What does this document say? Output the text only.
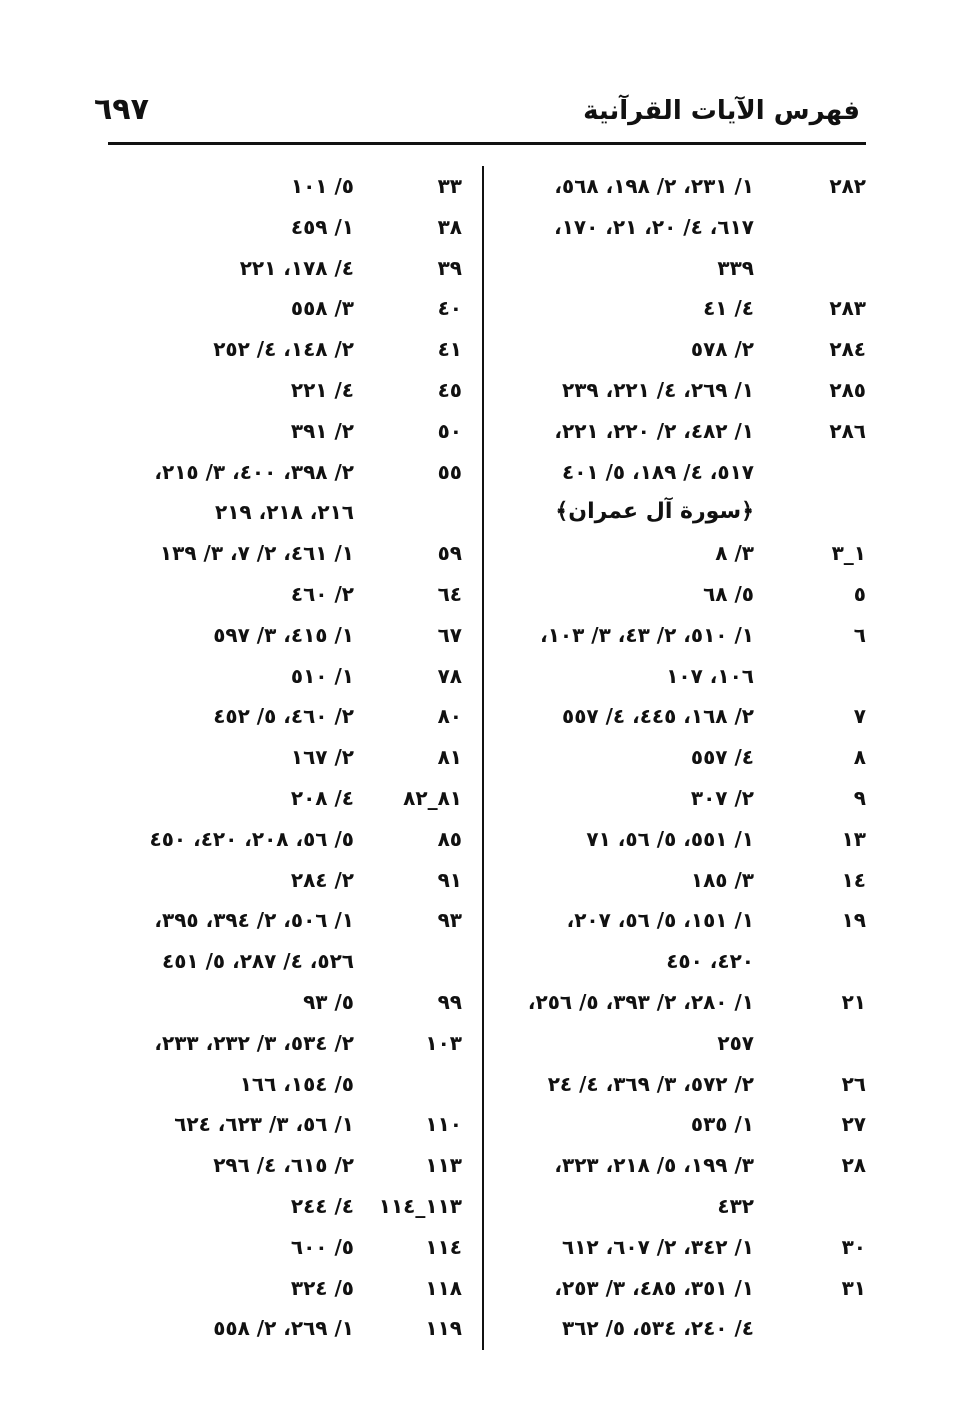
فهرس الآيات القرآنية
٦٩٧
٢٨٢
١/ ٢٣١، ٢/ ١٩٨، ٥٦٨،
٦١٧، ٤/ ٢٠، ٢١، ١٧٠،
٣٣٩
٢٨٣
٤/ ٤١
٢٨٤
٢/ ٥٧٨
٢٨٥
١/ ٢٦٩، ٤/ ٢٢١، ٢٣٩
٢٨٦
١/ ٤٨٢، ٢/ ٢٢٠، ٢٢١،
٥١٧، ٤/ ١٨٩، ٥/ ٤٠١
﴿سورة آل عمران﴾
١_٣
٣/ ٨
٥
٥/ ٦٨
٦
١/ ٥١٠، ٢/ ٤٣، ٣/ ١٠٣،
١٠٦، ١٠٧
٧
٢/ ١٦٨، ٤٤٥، ٤/ ٥٥٧
٨
٤/ ٥٥٧
٩
٢/ ٣٠٧
١٣
١/ ٥٥١، ٥/ ٥٦، ٧١
١٤
٣/ ١٨٥
١٩
١/ ١٥١، ٥/ ٥٦، ٢٠٧،
٤٢٠، ٤٥٠
٢١
١/ ٢٨٠، ٢/ ٣٩٣، ٥/ ٢٥٦،
٢٥٧
٢٦
٢/ ٥٧٢، ٣/ ٣٦٩، ٤/ ٢٤
٢٧
١/ ٥٣٥
٢٨
٣/ ١٩٩، ٥/ ٢١٨، ٣٢٣،
٤٣٢
٣٠
١/ ٣٤٢، ٢/ ٦٠٧، ٦١٢
٣١
١/ ٣٥١، ٤٨٥، ٣/ ٢٥٣،
٤/ ٢٤٠، ٥٣٤، ٥/ ٣٦٢
٣٣
٥/ ١٠١
٣٨
١/ ٤٥٩
٣٩
٤/ ١٧٨، ٢٢١
٤٠
٣/ ٥٥٨
٤١
٢/ ١٤٨، ٤/ ٢٥٢
٤٥
٤/ ٢٢١
٥٠
٢/ ٣٩١
٥٥
٢/ ٣٩٨، ٤٠٠، ٣/ ٢١٥،
٢١٦، ٢١٨، ٢١٩
٥٩
١/ ٤٦١، ٢/ ٧، ٣/ ١٣٩
٦٤
٢/ ٤٦٠
٦٧
١/ ٤١٥، ٣/ ٥٩٧
٧٨
١/ ٥١٠
٨٠
٢/ ٤٦٠، ٥/ ٤٥٢
٨١
٢/ ١٦٧
٨١_٨٢
٤/ ٢٠٨
٨٥
٥/ ٥٦، ٢٠٨، ٤٢٠، ٤٥٠
٩١
٢/ ٢٨٤
٩٣
١/ ٥٠٦، ٢/ ٣٩٤، ٣٩٥،
٥٢٦، ٤/ ٢٨٧، ٥/ ٤٥١
٩٩
٥/ ٩٣
١٠٣
٢/ ٥٣٤، ٣/ ٢٣٢، ٢٣٣،
٥/ ١٥٤، ١٦٦
١١٠
١/ ٥٦، ٣/ ٦٢٣، ٦٢٤
١١٣
٢/ ٦١٥، ٤/ ٢٩٦
١١٣_١١٤
٤/ ٢٤٤
١١٤
٥/ ٦٠٠
١١٨
٥/ ٣٢٤
١١٩
١/ ٢٦٩، ٢/ ٥٥٨
